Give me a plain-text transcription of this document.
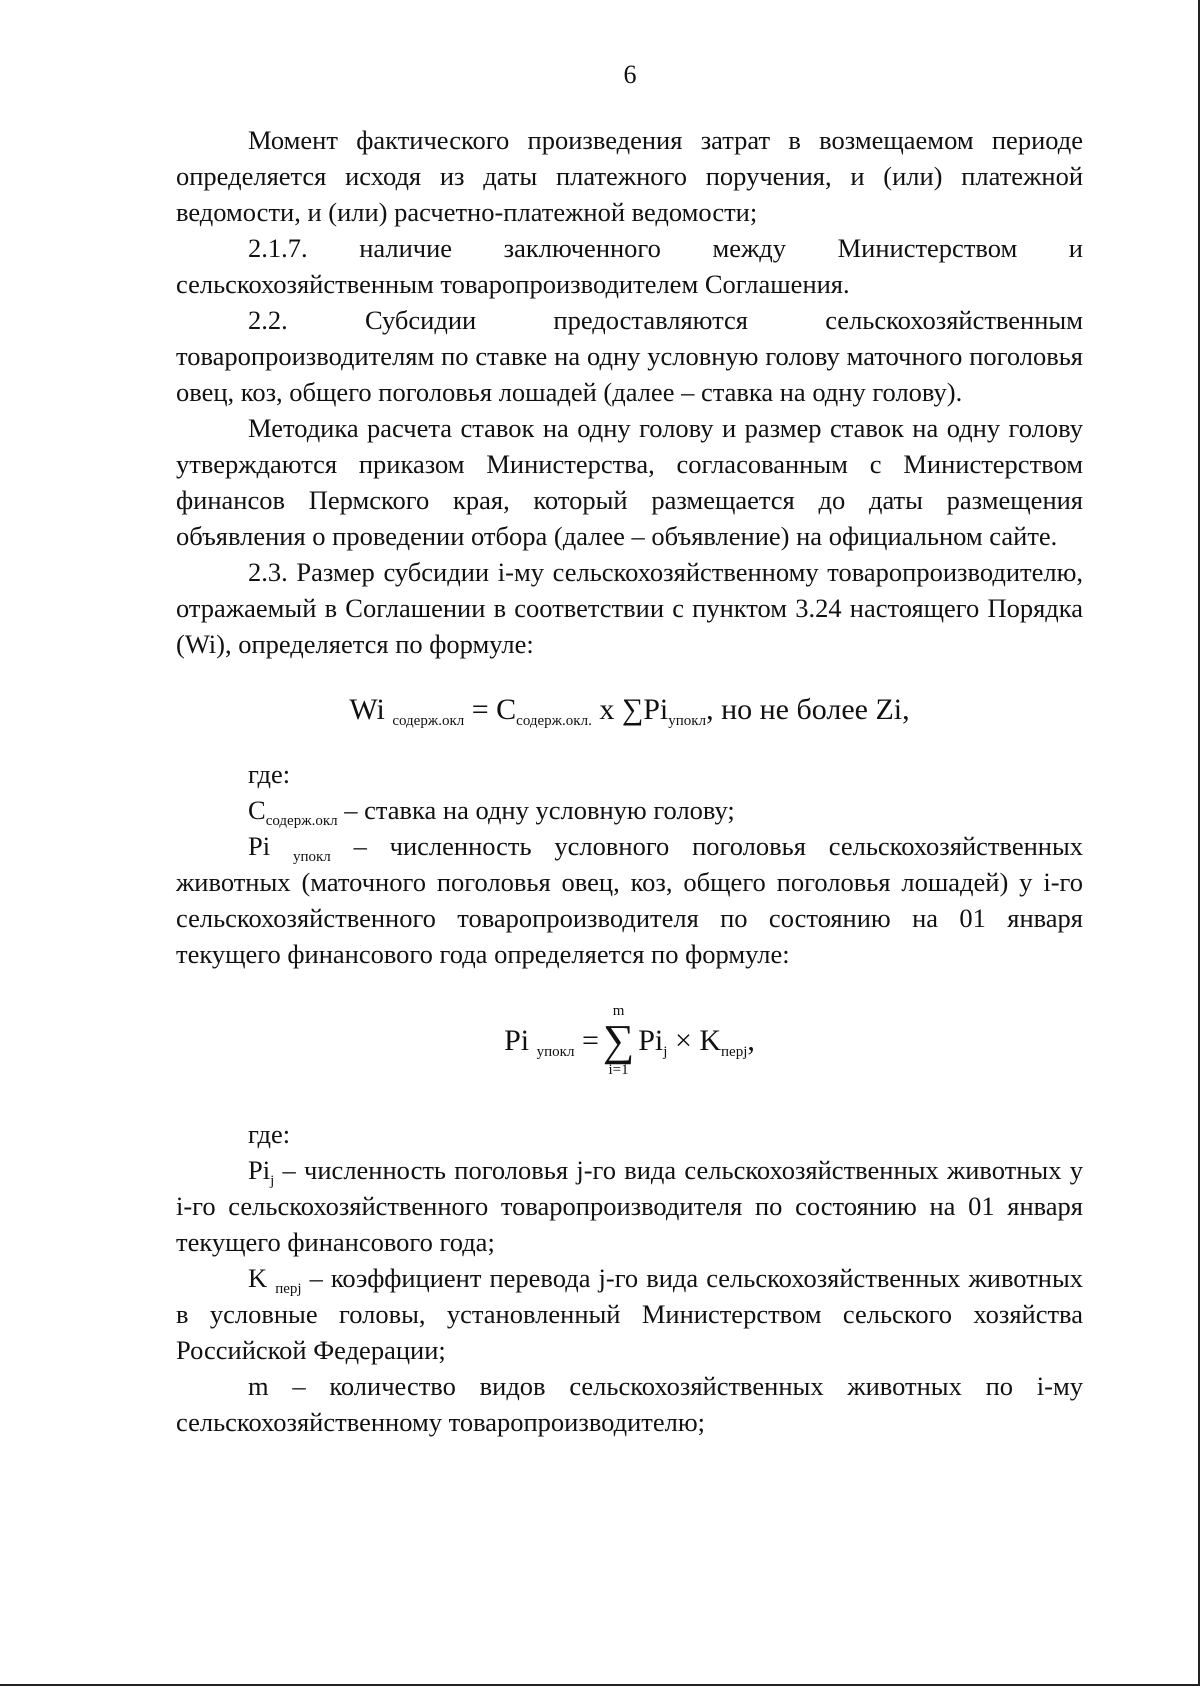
6

Момент фактического произведения затрат в возмещаемом периоде определяется исходя из даты платежного поручения, и (или) платежной ведомости, и (или) расчетно-платежной ведомости;

2.1.7. наличие заключенного между Министерством и сельскохозяйственным товаропроизводителем Соглашения.

2.2. Субсидии предоставляются сельскохозяйственным товаропроизводителям по ставке на одну условную голову маточного поголовья овец, коз, общего поголовья лошадей (далее – ставка на одну голову).

Методика расчета ставок на одну голову и размер ставок на одну голову утверждаются приказом Министерства, согласованным с Министерством финансов Пермского края, который размещается до даты размещения объявления о проведении отбора (далее – объявление) на официальном сайте.

2.3. Размер субсидии i-му сельскохозяйственному товаропроизводителю, отражаемый в Соглашении в соответствии с пунктом 3.24 настоящего Порядка (Wi), определяется по формуле:

Wi $_{содерж.окл} = C_{содерж.окл.}$ x $\sum Pi_{упокл}$, но не более Zi,

где:

$C_{содерж.окл}$ – ставка на одну условную голову;

Pi $_{упокл}$ – численность условного поголовья сельскохозяйственных животных (маточного поголовья овец, коз, общего поголовья лошадей) у i-го сельскохозяйственного товаропроизводителя по состоянию на 01 января текущего финансового года определяется по формуле:

Pi
$_{упокл}$
=
m
∑
i=1
$Pi_j$
×
$K_{перj}$ ,

где:

$Pi_j$ – численность поголовья j-го вида сельскохозяйственных животных у i-го сельскохозяйственного товаропроизводителя по состоянию на 01 января текущего финансового года;

K $_{перj}$ – коэффициент перевода j-го вида сельскохозяйственных животных в условные головы, установленный Министерством сельского хозяйства Российской Федерации;

m – количество видов сельскохозяйственных животных по i-му сельскохозяйственному товаропроизводителю;
